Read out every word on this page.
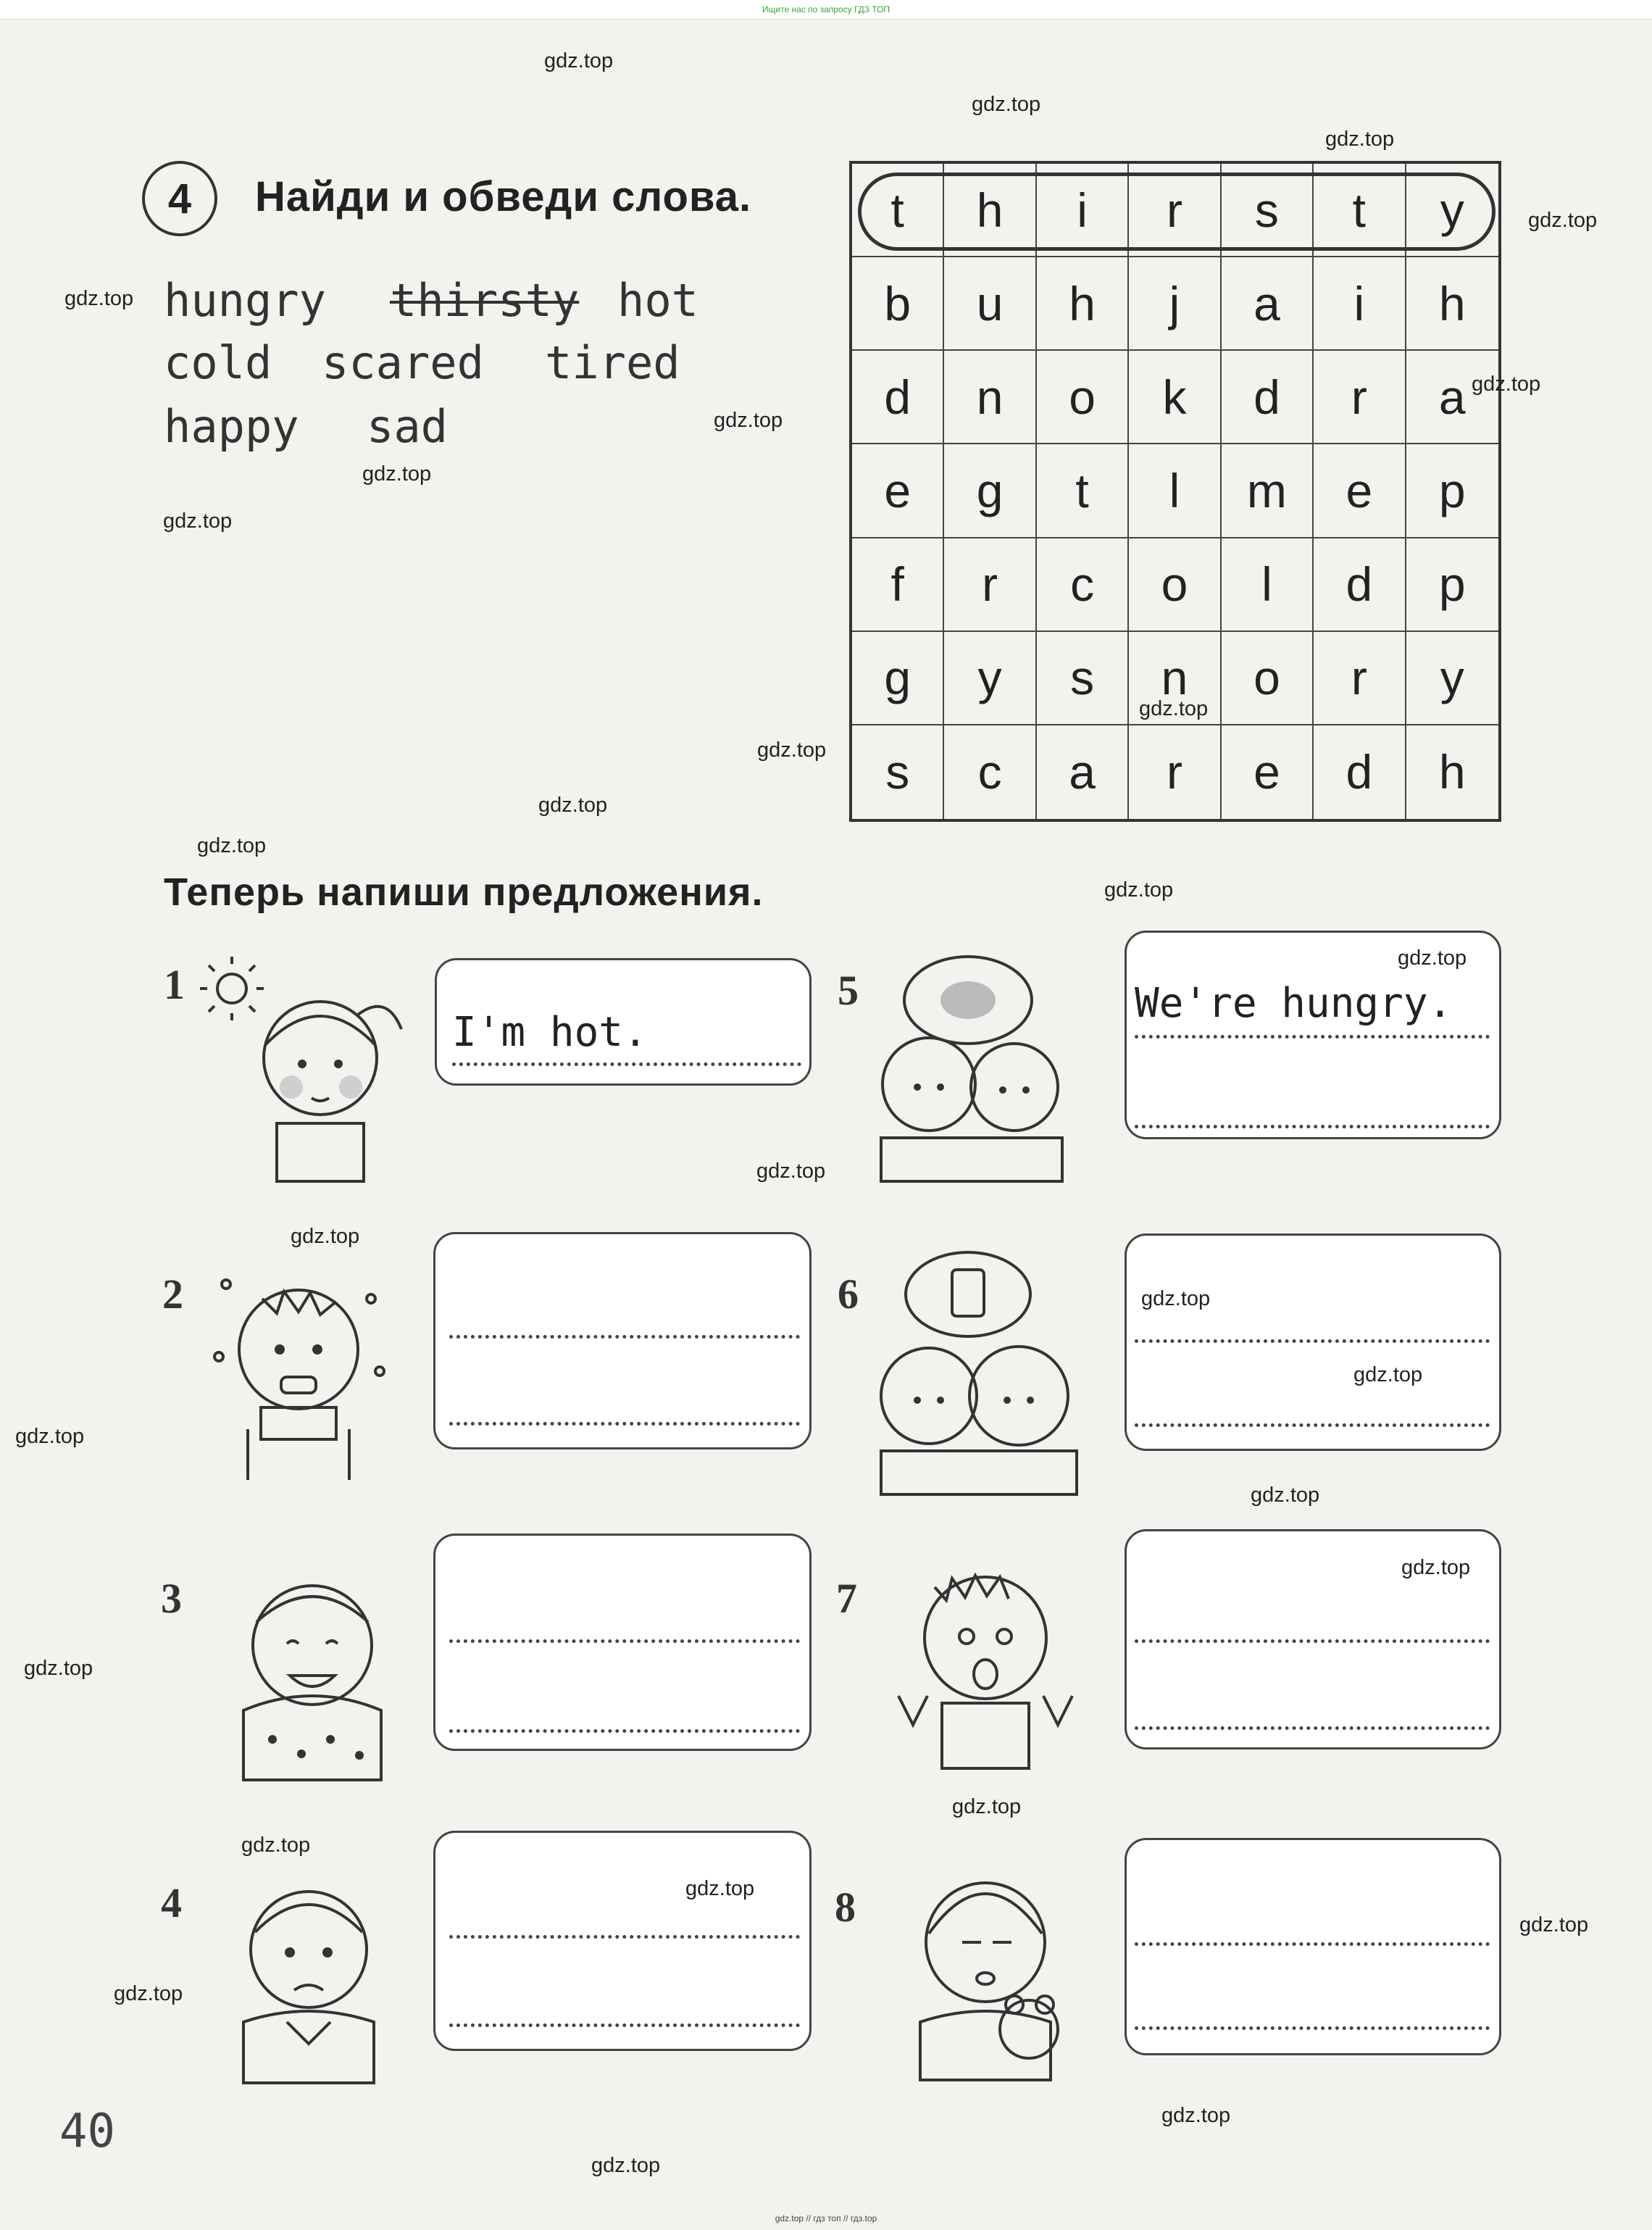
Ищите нас по запросу ГДЗ ТОП
4	Найди и обведи слова.
hungry thirsty hot
cold scared tired
happy sad
t	h	i	r	s	t	y
b	u	h	j	a	i	h
d	n	o	k	d	r	a
e	g	t	l	m	e	p
f	r	c	o	l	d	p
g	y	s	n	o	r	y
s	c	a	r	e	d	h
Теперь напиши предложения.
1
2
3
4
5
6
7
8
I'm hot.
We're hungry.
gdz.top
gdz.top
gdz.top
gdz.top
gdz.top
gdz.top
gdz.top
gdz.top
gdz.top
gdz.top
gdz.top
gdz.top
gdz.top
gdz.top
gdz.top
gdz.top
gdz.top
gdz.top
gdz.top
gdz.top
gdz.top
gdz.top
gdz.top
gdz.top
gdz.top
gdz.top
gdz.top
gdz.top
gdz.top
gdz.top
40
gdz.top // гдз топ // гдз.top
